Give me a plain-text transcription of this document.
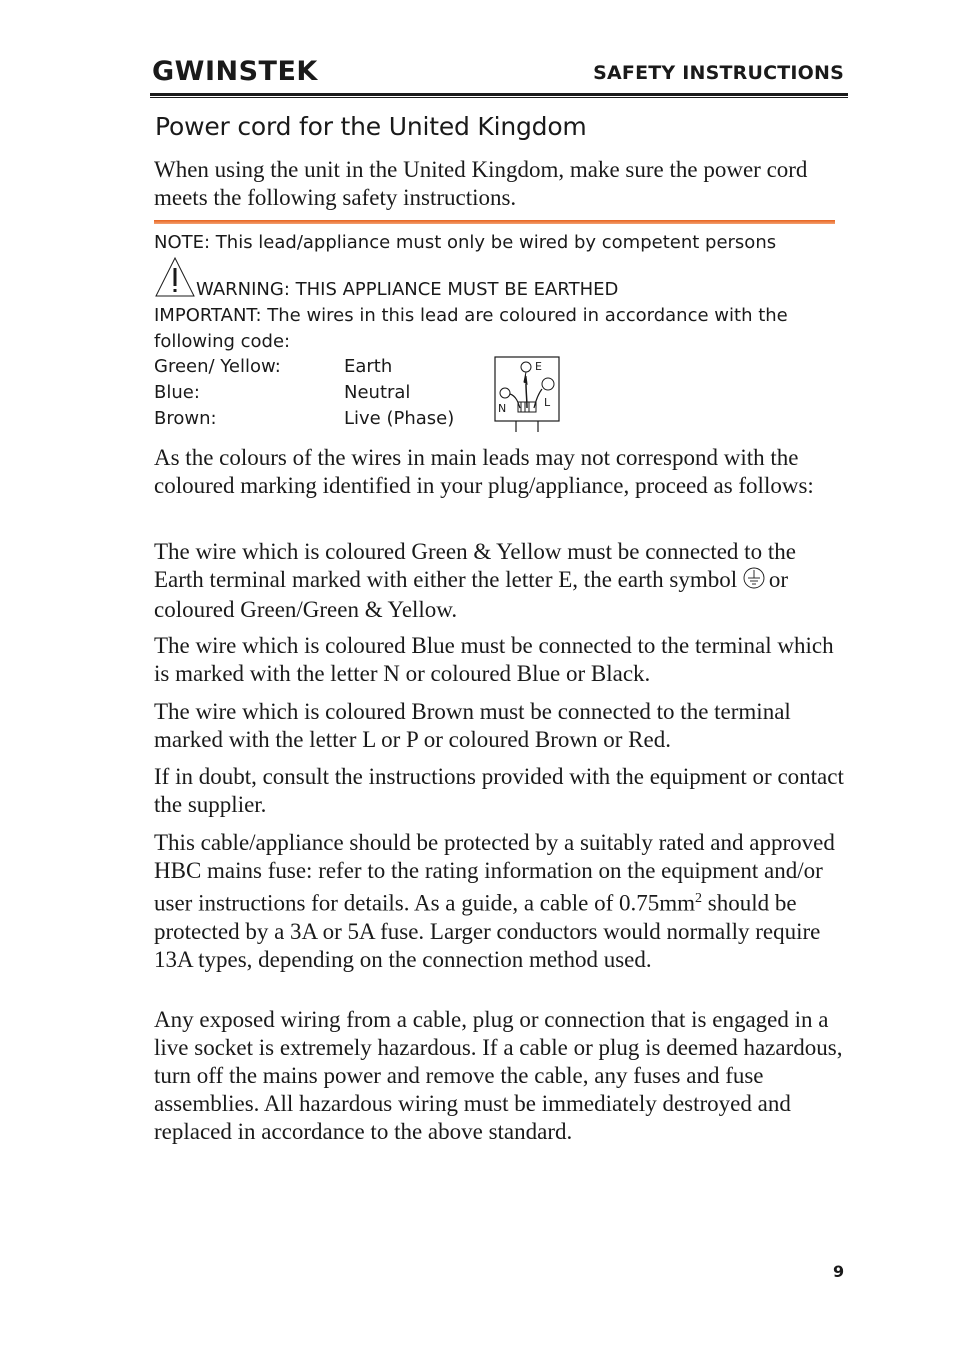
GWINSTEK	SAFETY INSTRUCTIONS
Power cord for the United Kingdom
When using the unit in the United Kingdom, make sure the power cord meets the following safety instructions.
NOTE: This lead/appliance must only be wired by competent persons
WARNING: THIS APPLIANCE MUST BE EARTHED
IMPORTANT: The wires in this lead are coloured in accordance with the following code:
Green/ Yellow:	Earth
Blue:	Neutral
Brown:	Live (Phase)
E
N	L
As the colours of the wires in main leads may not correspond with the coloured marking identified in your plug/appliance, proceed as follows:
The wire which is coloured Green & Yellow must be connected to the Earth terminal marked with either the letter E, the earth symbol or coloured Green/Green & Yellow.
The wire which is coloured Blue must be connected to the terminal which is marked with the letter N or coloured Blue or Black.
The wire which is coloured Brown must be connected to the terminal marked with the letter L or P or coloured Brown or Red.
If in doubt, consult the instructions provided with the equipment or contact the supplier.
This cable/appliance should be protected by a suitably rated and approved HBC mains fuse: refer to the rating information on the equipment and/or user instructions for details. As a guide, a cable of $0.75mm^2$ should be protected by a 3A or 5A fuse. Larger conductors would normally require 13A types, depending on the connection method used.
Any exposed wiring from a cable, plug or connection that is engaged in a live socket is extremely hazardous. If a cable or plug is deemed hazardous, turn off the mains power and remove the cable, any fuses and fuse assemblies. All hazardous wiring must be immediately destroyed and replaced in accordance to the above standard.
9
